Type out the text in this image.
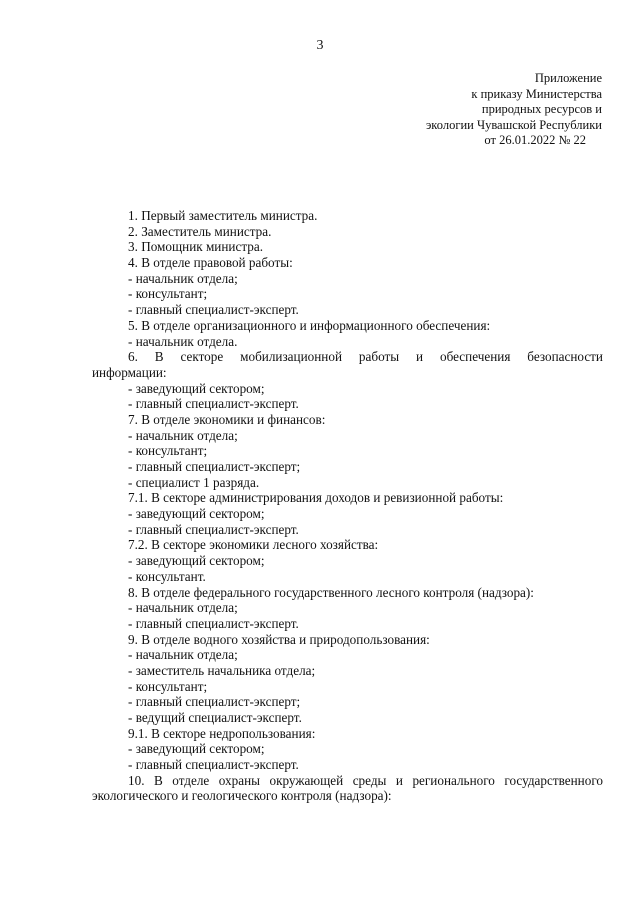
3
Приложение
к приказу Министерства
природных ресурсов и
экологии Чувашской Республики
от 26.01.2022 № 22
1. Первый заместитель министра.
2. Заместитель министра.
3. Помощник министра.
4. В отделе правовой работы:
- начальник отдела;
- консультант;
- главный специалист-эксперт.
5. В отделе организационного и информационного обеспечения:
- начальник отдела.
6. В секторе мобилизационной работы и обеспечения безопасности
информации:
- заведующий сектором;
- главный специалист-эксперт.
7. В отделе экономики и финансов:
- начальник отдела;
- консультант;
- главный специалист-эксперт;
- специалист 1 разряда.
7.1. В секторе администрирования доходов и ревизионной работы:
- заведующий сектором;
- главный специалист-эксперт.
7.2. В секторе экономики лесного хозяйства:
- заведующий сектором;
- консультант.
8. В отделе федерального государственного лесного контроля (надзора):
- начальник отдела;
- главный специалист-эксперт.
9. В отделе водного хозяйства и природопользования:
- начальник отдела;
- заместитель начальника отдела;
- консультант;
- главный специалист-эксперт;
- ведущий специалист-эксперт.
9.1. В секторе недропользования:
- заведующий сектором;
- главный специалист-эксперт.
10. В отделе охраны окружающей среды и регионального государственного
экологического и геологического контроля (надзора):
